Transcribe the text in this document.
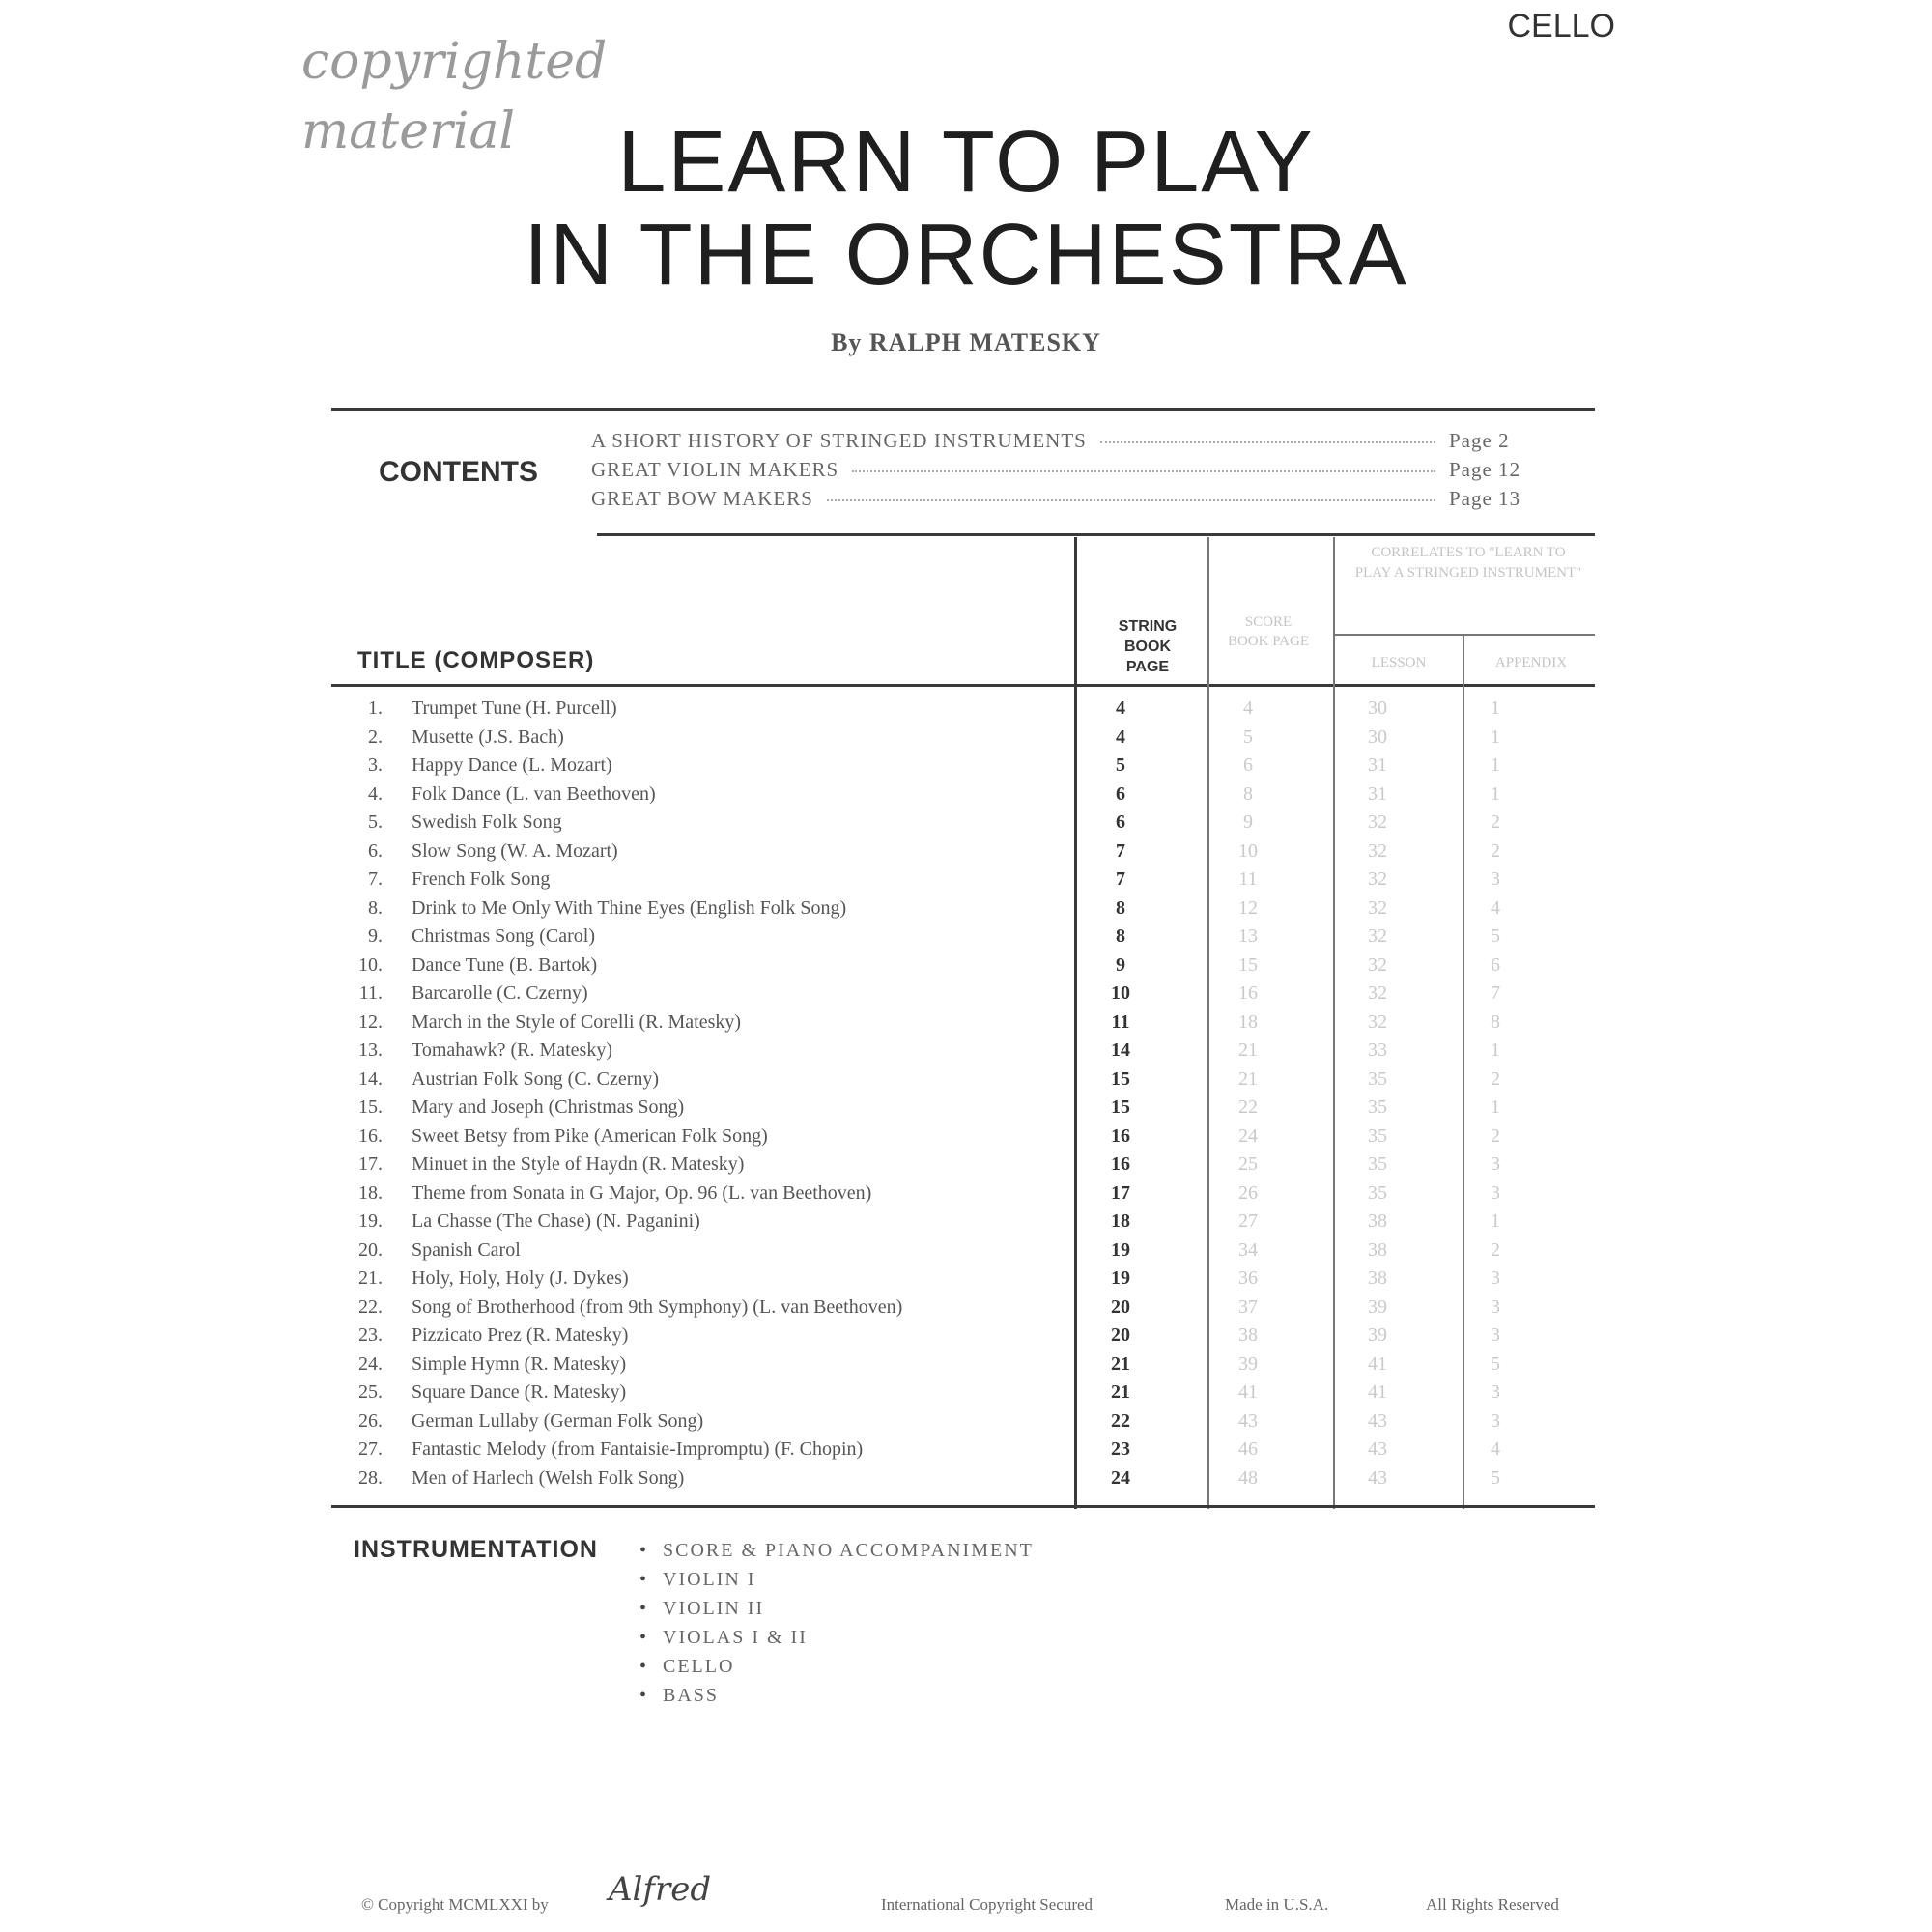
copyrighted
material
CELLO
LEARN TO PLAY
IN THE ORCHESTRA
By RALPH MATESKY
CONTENTS
A SHORT HISTORY OF STRINGED INSTRUMENTS	Page 2
GREAT VIOLIN MAKERS	Page 12
GREAT BOW MAKERS	Page 13
TITLE (COMPOSER)
STRING BOOK PAGE
SCORE BOOK PAGE
CORRELATES TO "LEARN TO PLAY A STRINGED INSTRUMENT"
LESSON	APPENDIX
1. Trumpet Tune (H. Purcell)	4	4	30	1
2. Musette (J.S. Bach)	4	5	30	1
3. Happy Dance (L. Mozart)	5	6	31	1
4. Folk Dance (L. van Beethoven)	6	8	31	1
5. Swedish Folk Song	6	9	32	2
6. Slow Song (W. A. Mozart)	7	10	32	2
7. French Folk Song	7	11	32	3
8. Drink to Me Only With Thine Eyes (English Folk Song)	8	12	32	4
9. Christmas Song (Carol)	8	13	32	5
10. Dance Tune (B. Bartok)	9	15	32	6
11. Barcarolle (C. Czerny)	10	16	32	7
12. March in the Style of Corelli (R. Matesky)	11	18	32	8
13. Tomahawk? (R. Matesky)	14	21	33	1
14. Austrian Folk Song (C. Czerny)	15	21	35	2
15. Mary and Joseph (Christmas Song)	15	22	35	1
16. Sweet Betsy from Pike (American Folk Song)	16	24	35	2
17. Minuet in the Style of Haydn (R. Matesky)	16	25	35	3
18. Theme from Sonata in G Major, Op. 96 (L. van Beethoven)	17	26	35	3
19. La Chasse (The Chase) (N. Paganini)	18	27	38	1
20. Spanish Carol	19	34	38	2
21. Holy, Holy, Holy (J. Dykes)	19	36	38	3
22. Song of Brotherhood (from 9th Symphony) (L. van Beethoven)	20	37	39	3
23. Pizzicato Prez (R. Matesky)	20	38	39	3
24. Simple Hymn (R. Matesky)	21	39	41	5
25. Square Dance (R. Matesky)	21	41	41	3
26. German Lullaby (German Folk Song)	22	43	43	3
27. Fantastic Melody (from Fantaisie-Impromptu) (F. Chopin)	23	46	43	4
28. Men of Harlech (Welsh Folk Song)	24	48	43	5
INSTRUMENTATION • SCORE & PIANO ACCOMPANIMENT
• VIOLIN I
• VIOLIN II
• VIOLAS I & II
• CELLO
• BASS
© Copyright MCMLXXI by Alfred	International Copyright Secured	Made in U.S.A.	All Rights Reserved
